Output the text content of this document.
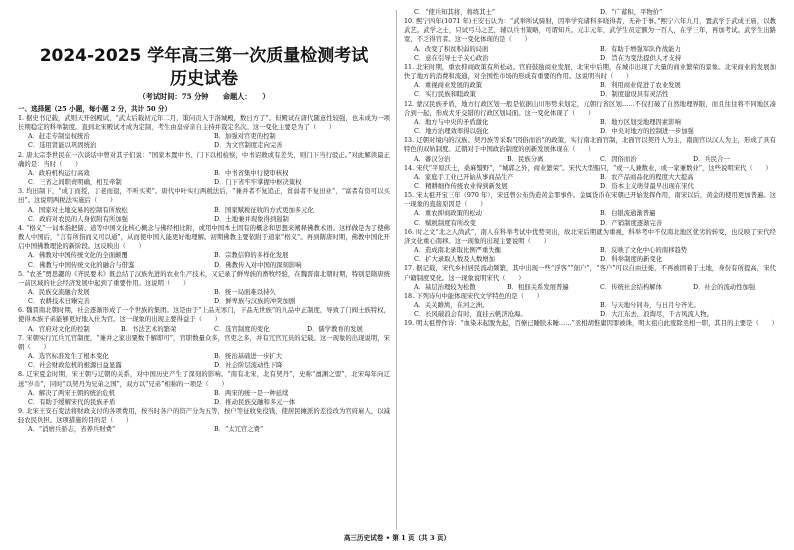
2024-2025 学年高三第一次质量检测考试
历史试卷
（考试时间：75 分钟　　命题人：　　）
一、选择题（25 小题，每小题 2 分，共计 50 分）
1. 据史书记载，武则天开创殿试，“武太后载初元年二月，策问贡人于洛城殿，数日方了”。但殿试在唐代随意性较强，也未成为一项长期稳定的科举制度。直到北宋殿试才成为定制，考生由皇帝亲自主持并裁定名次。这一变化主要是为了（　　）
A．赶走专制皇权统治	B．加强对官吏的控制
C．选用贤能以巩固统治	D．为文官制度走向完善
2. 唐太宗李世民在一次谈话中曾对其子们说：“国家本置中书、门下以相检察，中书诏敕或有差失，则门下当行驳正。”对此解读最正确的是：当时（　　）
A．政府机构运行高效	B．中书省集中行使审核权
C．三省之间职责明确，相互牵制	D．门下省牢牢掌握中枢决策权
3. 均田制下，“成丁而授，丁老而退，不听买卖”。唐代中叶实行两税法后，“兼并者不复追正，贫弱者不复田业”，“富者有资可以买田”。这说明两税法实施后（　　）
A．国家对土地交易的控制有所放松	B．国家赋税征收的方式更加多元化
C．政府对农民的人身依附有所加强	D．土地兼并现象得到遏制
4. “格义”一词本指把儒、道等中国文化核心概念与佛经相比附，或用中国本土固有的概念和思想来阐释佛教术语。这样做是为了使佛教人中国后，“言有所指而义可以通”，从而使中国人能更好地理解。初期佛教主要依附于道家“格义”。再到隋唐时期，佛教中国化开启中国佛教理论的新阶段。这反映出（　　）
A．佛教对中国传统文化的全面颠覆	B．宗教信仰的多样化发展
C．佛教与中国传统文化的融合与借鉴	D．佛教传入对中国的深刻影响
5. “农圣”贾思勰的《齐民要术》既总结了汉族先进的农业生产技术，又记录了鲜卑族的畜牧经验，在魏晋南北朝时期，特别是隋唐统一前区域的社会经济发展中起到了重要作用。这说明（　　）
A．民族交流融合发展	B．统一局面难以持久
C．农耕技术日臻完善	D．鲜卑族与汉族的冲突加剧
6. 魏晋南北朝时期，社会逐渐形成了一个世族的集团。这是由于“上品无寒门，下品无世族”的九品中正制度，导致了门阀士族特权，使得本族子弟能够更好地入仕为官。这一现象的出现主要得益于（　　）
A．官府对文化的控制	B．书法艺术的繁荣	C．选官制度的变化	D．儒学教育的发展
7. 宋朝实行冗兵冗官制度，“兼并之家出粟数千解即可”，官职数量众多，官吏之多，并有冗官冗员的记载。这一现象的出现说明，宋朝（　　）
A．选官标准发生了根本变化	B．统治基础进一步扩大
C．社会财政危机的根源日益显露	D．社会阶层流动性下降
8. 辽宋夏金时期，宋王朝与辽朝的关系，对中国历史产生了深刻的影响。“南有北宋，北有契丹”，史称“澶渊之盟”，北宋每年向辽送“岁币”，同时“以契丹为兄弟之国”，双方以“兄弟”相称的一项是（　　）
A．解决了两宋王朝的统治危机	B．两宋的统一是一种延续
C．有助于缓解宋代的民族矛盾	D．推动民族交融和多元一体
9. 北宋王安石变法将财政支付的各项费用，按当时各户的资产分为五等，按户等征收免役钱，使居民摊派的差役改为官府雇人，以减轻农民负担。这项措施的目的是（　　）
A．“消磨兵骄志，省养兵财费”	B．“太冗官之费”
C．“使兵知其将，将练其士”	D．“广蓄积，平物价”
10. 熙宁四年(1071 年)王安石认为：“武举所试骑射，因举学究诸科多晓得者，无补于事。”熙宁六年九月，置武学于武成王庙，以教武艺。武学之士，只试弓马之艺，辅以兵书策略，可谓知兵。元丰元年，武学生员定额为一百人，在学三年，再加考试。武学生出路宽，不乏得官者。这一变化体现的是（　　）
A．改变了积贫积弱的局面	B．有助于增强军队作战能力
C．意在引导士子关心政治	D．旨在为变法提供人才支持
11. 北宋时期，重农抑商政策有所松动。官府鼓励商业发展，北宋中后期，在城市出现了大量的商业繁荣的景象。北宋商业的发展加快了地方的消费和流通，对全国性市场的形成有重要的作用。这说明当时（　　）
A．重视商业发展的政策	B．利用商业促进了农业发展
C．实行民族和睦政策	D．制度建设具有灵活性
12. 蒙汉民族矛盾，地方行政区划一般是依据山川形势来划定，元朝行省区划……不仅打破了自然地理界限，而且往往将不同地区凑合到一起，形成犬牙交错的行政区划局面。这一变化体现了（　　）
A．地方与中央的矛盾激化	B．地方区划受地理因素影响
C．地方治理效率得以强化	D．中央对地方的控制进一步加强
13. 辽朝对境内的汉族、契丹族等采取“因俗而治”的政策，实行南北面官制，北面官以契丹人为主，南面官以汉人为主，形成了具有特色的双轨制度。辽朝对于中国政治制度的创新发展体现在（　　）
A．蕃汉分治	B．民族分离	C．因俗而治	D．兵民合一
14. 宋代“平原沃土，桑麻翳野”，“城郭之外，商业繁荣”。宋代大型船只，“或一人兼数业，或一家兼数业”，这些说明宋代（　　）
A．家庭手工业已开始从事商品生产	B．农产品商品化的程度大大提高
C．精耕细作传统农业得到新发展	D．资本主义萌芽最早出现在宋代
15. 宋太祖开宝三年（970 年），宋廷曾公布伪造黄金罪事件。金属货币在宋朝已开始发挥作用，南宋以后，黄金的使用更加普遍。这一现象的直接原因是（　　）
A．重农抑商政策的松动	B．白银流通渐普遍
C．赋税制度有所改变	D．产销制度逐渐完善
16. 时之文“北之人尚武”，南人在科举考试中优势突出，故北宋后期就为重视，科举考中不仅南北地区优劣的转变，也反映了宋代经济文化重心南移。这一现象的出现主要说明（　　）
A．造成南北录取比例严重失衡	B．反映了文化中心的南移趋势
C．扩大录取人数及人数增加	D．科举制度的新变化
17. 据记载，宋代乡村居民流动频繁，其中出现一些“浮客”“佃户”，“客户”可以自由迁徙，不再被固着于土地，身份有所提高，宋代户籍制度变化。这一现象说明宋代（　　）
A．基层治理较为松散	B．租佃关系发展普遍	C．传统社会结构解体	D．社会的流动性加强
18. 下列诗句中能体现宋代文学特色的是（　　）
A．关关雎鸠，在河之洲。	B．与天地兮同寿，与日月兮齐光。
C．长风破浪会有时，直挂云帆济沧海。	D．大江东去，浪淘尽，千古风流人物。
19. 明太祖曾作诗：“血染未起脱先起，百僚已睡朕未睡……”丞相胡惟庸因罪被诛，明太祖自此废除丞相一职，其目的主要是（　　）
高三历史试卷 • 第 1 页（共 3 页）
